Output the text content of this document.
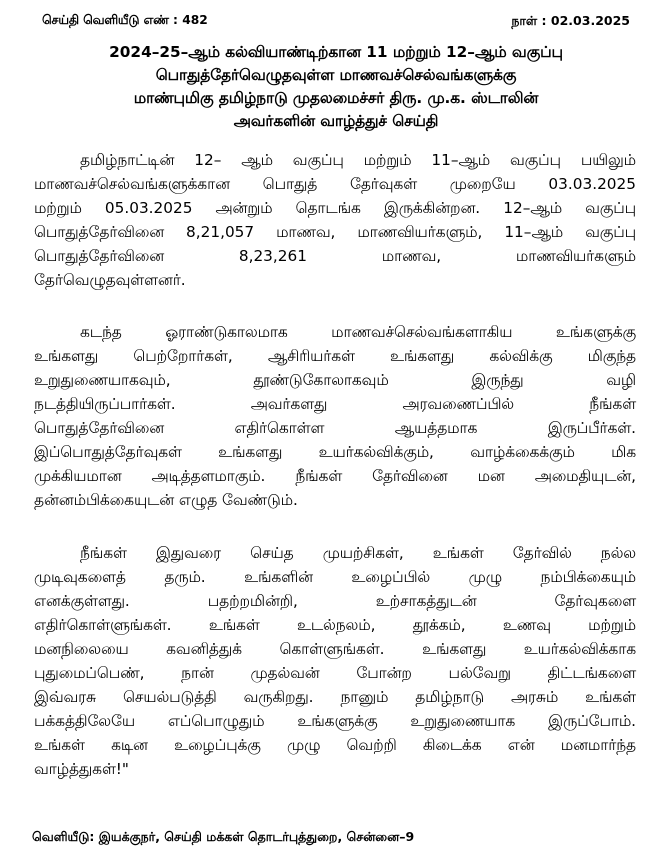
செய்தி வெளியீடு எண் : 482	நாள் : 02.03.2025
2024–25–ஆம் கல்வியாண்டிற்கான 11 மற்றும் 12–ஆம் வகுப்பு
பொதுத்தேர்வெழுதவுள்ள மாணவச்செல்வங்களுக்கு
மாண்புமிகு தமிழ்நாடு முதலமைச்சர் திரு. மு.க. ஸ்டாலின்
அவர்களின் வாழ்த்துச் செய்தி
தமிழ்நாட்டின் 12– ஆம் வகுப்பு மற்றும் 11–ஆம் வகுப்பு பயிலும்
மாணவச்செல்வங்களுக்கான பொதுத் தேர்வுகள் முறையே 03.03.2025
மற்றும் 05.03.2025 அன்றும் தொடங்க இருக்கின்றன. 12–ஆம் வகுப்பு
பொதுத்தேர்வினை 8,21,057 மாணவ, மாணவியர்களும், 11–ஆம் வகுப்பு
பொதுத்தேர்வினை 8,23,261 மாணவ, மாணவியர்களும்
தேர்வெழுதவுள்ளனர்.
கடந்த ஓராண்டுகாலமாக மாணவச்செல்வங்களாகிய உங்களுக்கு
உங்களது பெற்றோர்கள், ஆசிரியர்கள் உங்களது கல்விக்கு மிகுந்த
உறுதுணையாகவும், தூண்டுகோலாகவும் இருந்து வழி
நடத்தியிருப்பார்கள். அவர்களது அரவணைப்பில் நீங்கள்
பொதுத்தேர்வினை எதிர்கொள்ள ஆயத்தமாக இருப்பீர்கள்.
இப்பொதுத்தேர்வுகள் உங்களது உயர்கல்விக்கும், வாழ்க்கைக்கும் மிக
முக்கியமான அடித்தளமாகும். நீங்கள் தேர்வினை மன அமைதியுடன்,
தன்னம்பிக்கையுடன் எழுத வேண்டும்.
நீங்கள் இதுவரை செய்த முயற்சிகள், உங்கள் தேர்வில் நல்ல
முடிவுகளைத் தரும். உங்களின் உழைப்பில் முழு நம்பிக்கையும்
எனக்குள்ளது. பதற்றமின்றி, உற்சாகத்துடன் தேர்வுகளை
எதிர்கொள்ளுங்கள். உங்கள் உடல்நலம், தூக்கம், உணவு மற்றும்
மனநிலையை கவனித்துக் கொள்ளுங்கள். உங்களது உயர்கல்விக்காக
புதுமைப்பெண், நான் முதல்வன் போன்ற பல்வேறு திட்டங்களை
இவ்வரசு செயல்படுத்தி வருகிறது. நானும் தமிழ்நாடு அரசும் உங்கள்
பக்கத்திலேயே எப்பொழுதும் உங்களுக்கு உறுதுணையாக இருப்போம்.
உங்கள் கடின உழைப்புக்கு முழு வெற்றி கிடைக்க என் மனமார்ந்த
வாழ்த்துகள்!"
வெளியீடு: இயக்குநர், செய்தி மக்கள் தொடர்புத்துறை, சென்னை–9
